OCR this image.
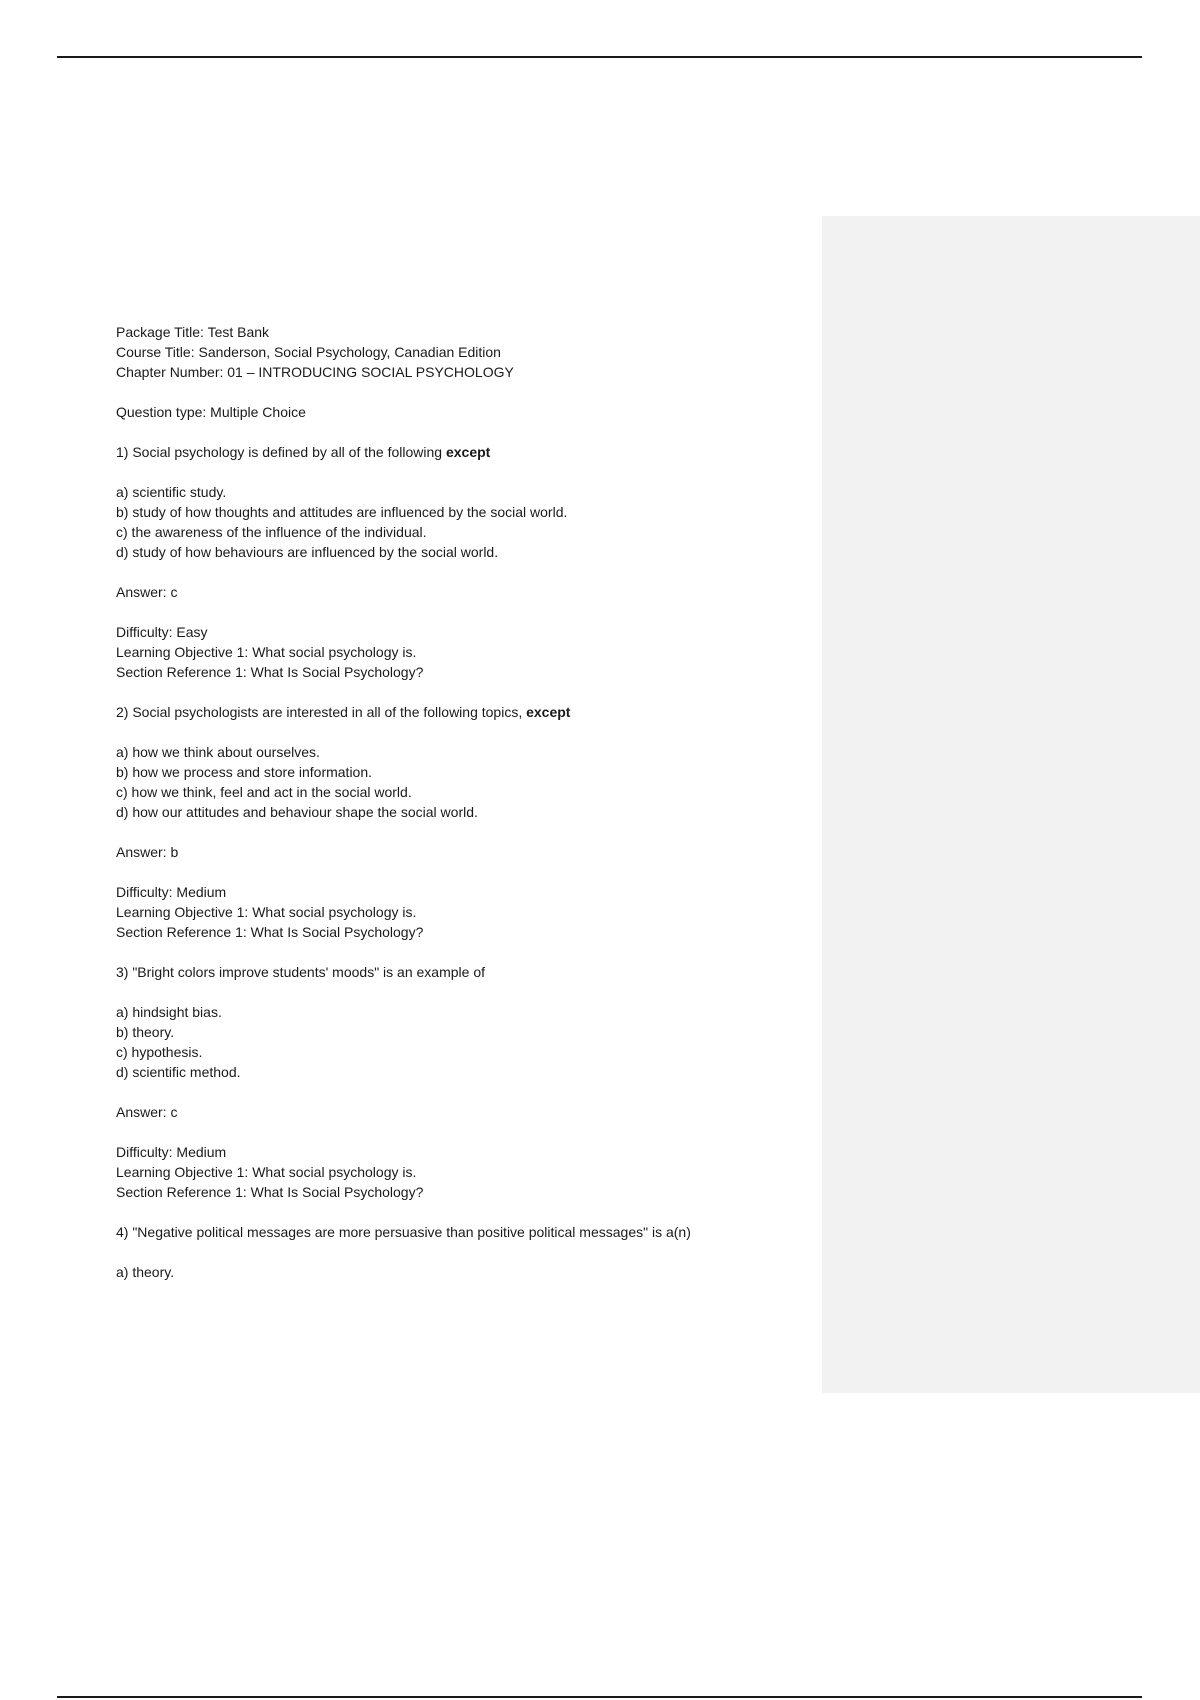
Package Title: Test Bank

Course Title: Sanderson, Social Psychology, Canadian Edition

Chapter Number: 01 – INTRODUCING SOCIAL PSYCHOLOGY

Question type: Multiple Choice

1) Social psychology is defined by all of the following except

a) scientific study.

b) study of how thoughts and attitudes are influenced by the social world.

c) the awareness of the influence of the individual.

d) study of how behaviours are influenced by the social world.

Answer: c

Difficulty: Easy

Learning Objective 1: What social psychology is.

Section Reference 1: What Is Social Psychology?

2) Social psychologists are interested in all of the following topics, except

a) how we think about ourselves.

b) how we process and store information.

c) how we think, feel and act in the social world.

d) how our attitudes and behaviour shape the social world.

Answer: b

Difficulty: Medium

Learning Objective 1: What social psychology is.

Section Reference 1: What Is Social Psychology?

3) "Bright colors improve students' moods" is an example of

a) hindsight bias.

b) theory.

c) hypothesis.

d) scientific method.

Answer: c

Difficulty: Medium

Learning Objective 1: What social psychology is.

Section Reference 1: What Is Social Psychology?

4) "Negative political messages are more persuasive than positive political messages" is a(n)

a) theory.
